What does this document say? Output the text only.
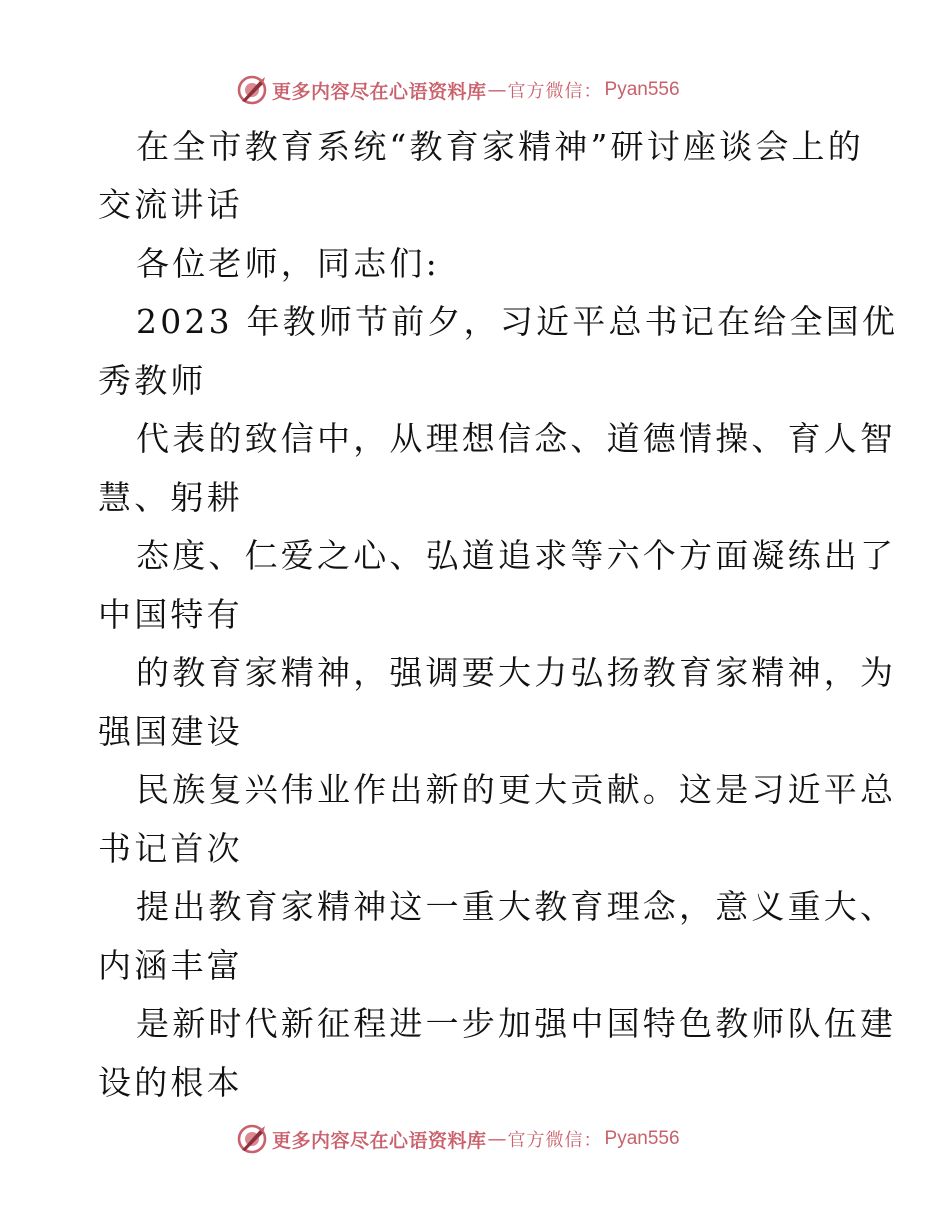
更多内容尽在心语资料库 — 官方微信： Pyan556
在全市教育系统“教育家精神”研讨座谈会上的
交流讲话
各位老师，同志们:
2023 年教师节前夕，习近平总书记在给全国优
秀教师
代表的致信中，从理想信念、道德情操、育人智
慧、躬耕
态度、仁爱之心、弘道追求等六个方面凝练出了
中国特有
的教育家精神，强调要大力弘扬教育家精神，为
强国建设
民族复兴伟业作出新的更大贡献。这是习近平总
书记首次
提出教育家精神这一重大教育理念，意义重大、
内涵丰富
是新时代新征程进一步加强中国特色教师队伍建
设的根本
更多内容尽在心语资料库 — 官方微信： Pyan556
